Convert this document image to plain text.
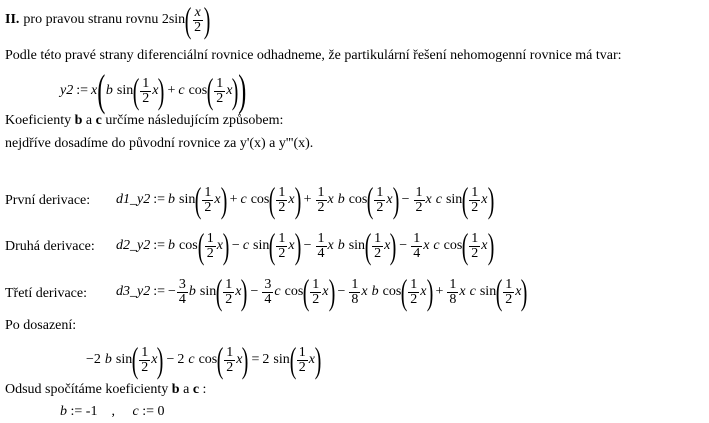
II. pro pravou stranu rovnu 2sin ( $\frac{x}{2}$ )
Podle této pravé strany diferenciální rovnice odhadneme, že partikulární řešení nehomogenní rovnice má tvar:
y2 := x ( b sin ( $\frac{1}{2}$ x ) + c cos ( $\frac{1}{2}$ x ) )
Koeficienty b a c určíme následujícím způsobem:
nejdříve dosadíme do původní rovnice za y'(x) a y'''(x).
První derivace: d1_y2 := b sin ( $\frac{1}{2}$ x ) + c cos ( $\frac{1}{2}$ x ) + $\frac{1}{2}$ x b cos ( $\frac{1}{2}$ x ) − $\frac{1}{2}$ x c sin ( $\frac{1}{2}$ x )
Druhá derivace: d2_y2 := b cos ( $\frac{1}{2}$ x ) − c sin ( $\frac{1}{2}$ x ) − $\frac{1}{4}$ x b sin ( $\frac{1}{2}$ x ) − $\frac{1}{4}$ x c cos ( $\frac{1}{2}$ x )
Třetí derivace: d3_y2 := − $\frac{3}{4}$ b sin ( $\frac{1}{2}$ x ) − $\frac{3}{4}$ c cos ( $\frac{1}{2}$ x ) − $\frac{1}{8}$ x b cos ( $\frac{1}{2}$ x ) + $\frac{1}{8}$ x c sin ( $\frac{1}{2}$ x )
Po dosazení:
−2 b sin ( $\frac{1}{2}$ x ) − 2 c cos ( $\frac{1}{2}$ x ) = 2 sin ( $\frac{1}{2}$ x )
Odsud spočítáme koeficienty b a c :
b := -1 , c := 0
